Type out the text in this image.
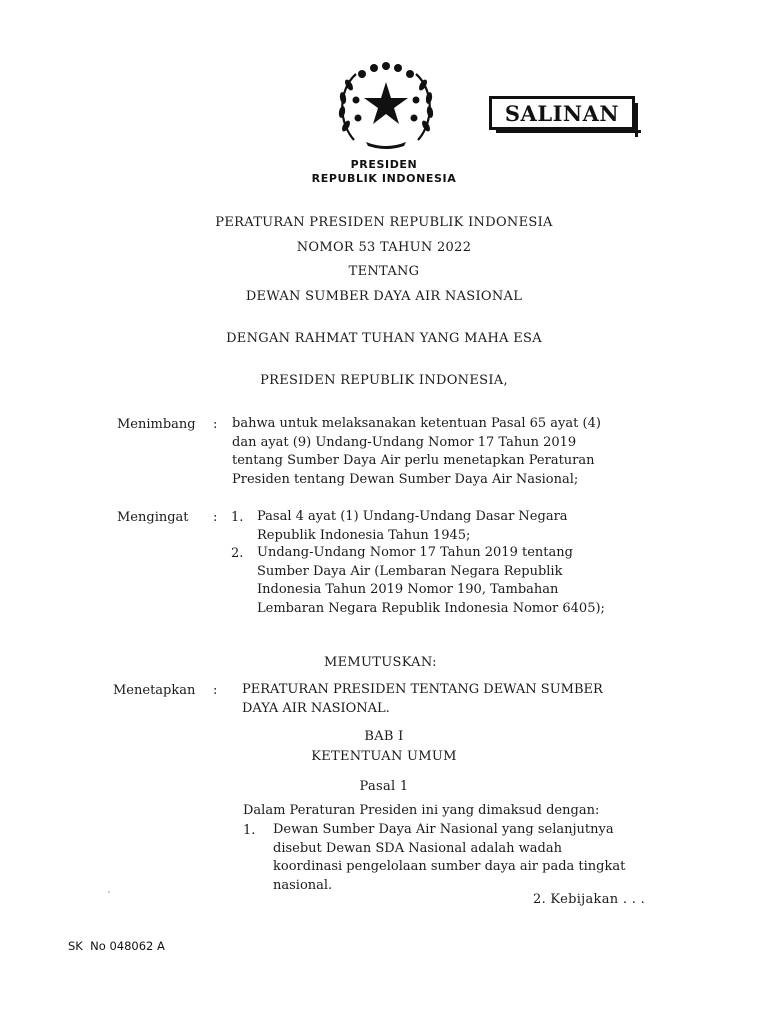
SALINAN
PRESIDEN
REPUBLIK INDONESIA
PERATURAN PRESIDEN REPUBLIK INDONESIA
NOMOR 53 TAHUN 2022
TENTANG
DEWAN SUMBER DAYA AIR NASIONAL
DENGAN RAHMAT TUHAN YANG MAHA ESA
PRESIDEN REPUBLIK INDONESIA,
Menimbang : bahwa untuk melaksanakan ketentuan Pasal 65 ayat (4)
dan ayat (9) Undang-Undang Nomor 17 Tahun 2019
tentang Sumber Daya Air perlu menetapkan Peraturan
Presiden tentang Dewan Sumber Daya Air Nasional;
Mengingat : 1. Pasal 4 ayat (1) Undang-Undang Dasar Negara
Republik Indonesia Tahun 1945;
2. Undang-Undang Nomor 17 Tahun 2019 tentang
Sumber Daya Air (Lembaran Negara Republik
Indonesia Tahun 2019 Nomor 190, Tambahan
Lembaran Negara Republik Indonesia Nomor 6405);
MEMUTUSKAN:
Menetapkan : PERATURAN PRESIDEN TENTANG DEWAN SUMBER
DAYA AIR NASIONAL.
BAB I
KETENTUAN UMUM
Pasal 1
Dalam Peraturan Presiden ini yang dimaksud dengan:
1. Dewan Sumber Daya Air Nasional yang selanjutnya
disebut Dewan SDA Nasional adalah wadah
koordinasi pengelolaan sumber daya air pada tingkat
nasional.
2. Kebijakan . . .
SK  No 048062 A
